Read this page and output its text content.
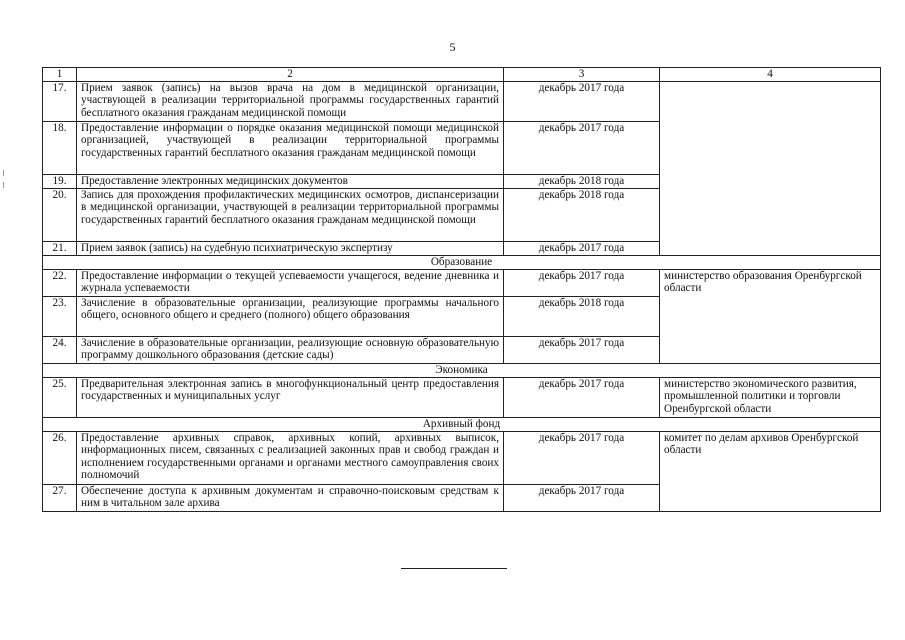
5
1	2	3	4
17.	Прием заявок (запись) на вызов врача на дом в медицинской организации, участвующей в реализации территориальной программы государственных гарантий бесплатного оказания гражданам медицинской помощи	декабрь 2017 года	
18.	Предоставление информации о порядке оказания медицинской помощи медицинской организацией, участвующей в реализации территориальной программы государственных гарантий бесплатного оказания гражданам медицинской помощи	декабрь 2017 года	
19.	Предоставление электронных медицинских документов	декабрь 2018 года	
20.	Запись для прохождения профилактических медицинских осмотров, диспансеризации в медицинской организации, участвующей в реализации территориальной программы государственных гарантий бесплатного оказания гражданам медицинской помощи	декабрь 2018 года	
21.	Прием заявок (запись) на судебную психиатрическую экспертизу	декабрь 2017 года	
Образование			
22.	Предоставление информации о текущей успеваемости учащегося, ведение дневника и журнала успеваемости	декабрь 2017 года	министерство образования Оренбургской области
23.	Зачисление в образовательные организации, реализующие программы начального общего, основного общего и среднего (полного) общего образования	декабрь 2018 года	
24.	Зачисление в образовательные организации, реализующие основную образовательную программу дошкольного образования (детские сады)	декабрь 2017 года	
Экономика			
25.	Предварительная электронная запись в многофункциональный центр предоставления государственных и муниципальных услуг	декабрь 2017 года	министерство экономического развития, промышленной политики и торговли Оренбургской области
Архивный фонд			
26.	Предоставление архивных справок, архивных копий, архивных выписок, информационных писем, связанных с реализацией законных прав и свобод граждан и исполнением государственными органами и органами местного самоуправления своих полномочий	декабрь 2017 года	комитет по делам архивов Оренбургской области
27.	Обеспечение доступа к архивным документам и справочно-поисковым средствам к ним в читальном зале архива	декабрь 2017 года	
